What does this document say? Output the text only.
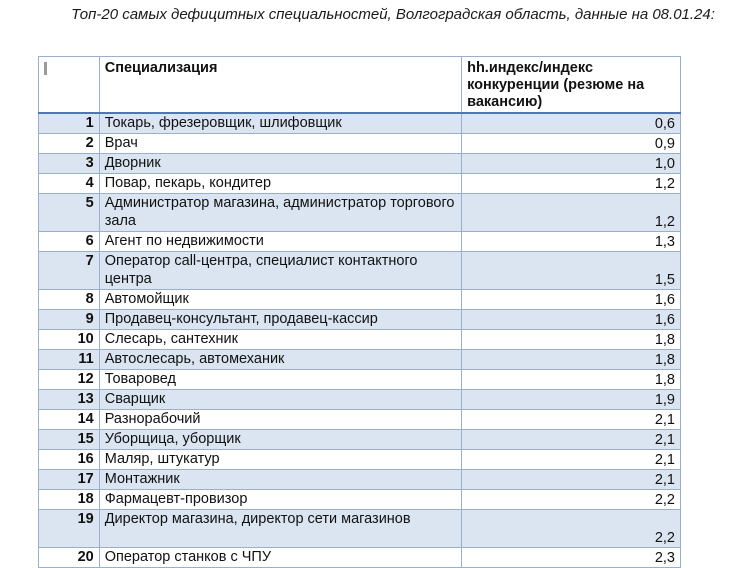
Топ-20 самых дефицитных специальностей, Волгоградская область, данные на 08.01.24:
	Специализация	hh.индекс/индекс конкуренции (резюме на вакансию)
1	Токарь, фрезеровщик, шлифовщик	0,6
2	Врач	0,9
3	Дворник	1,0
4	Повар, пекарь, кондитер	1,2
5	Администратор магазина, администратор торгового зала	1,2
6	Агент по недвижимости	1,3
7	Оператор call-центра, специалист контактного центра	1,5
8	Автомойщик	1,6
9	Продавец-консультант, продавец-кассир	1,6
10	Слесарь, сантехник	1,8
11	Автослесарь, автомеханик	1,8
12	Товаровед	1,8
13	Сварщик	1,9
14	Разнорабочий	2,1
15	Уборщица, уборщик	2,1
16	Маляр, штукатур	2,1
17	Монтажник	2,1
18	Фармацевт-провизор	2,2
19	Директор магазина, директор сети магазинов	2,2
20	Оператор станков с ЧПУ	2,3
